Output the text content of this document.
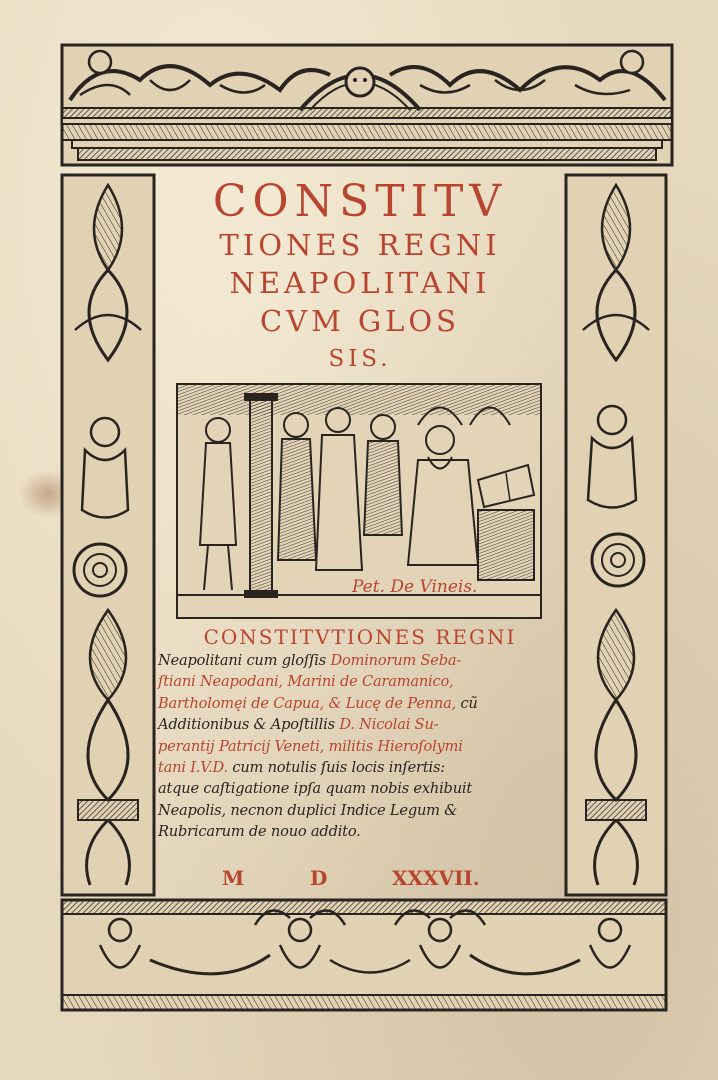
CONSTITV
TIONES REGNI
NEAPOLITANI
CVM GLOS
SIS.
Pet. De Vineis.
CONSTITVTIONES REGNI
Neapolitani cum gloſſis Dominorum Seba-
ſtiani Neapodani, Marini de Caramanico,
Bartholomęi de Capua, & Lucę de Penna, cũ
Additionibus & Apoſtillis D. Nicolai Su-
perantij Patricij Veneti, militis Hieroſolymi
tani I.V.D. cum notulis ſuis locis inſertis:
atque caſtigatione ipſa quam nobis exhibuit
Neapolis, necnon duplici Indice Legum &
Rubricarum de nouo addito.
M	D	XXXVII.
